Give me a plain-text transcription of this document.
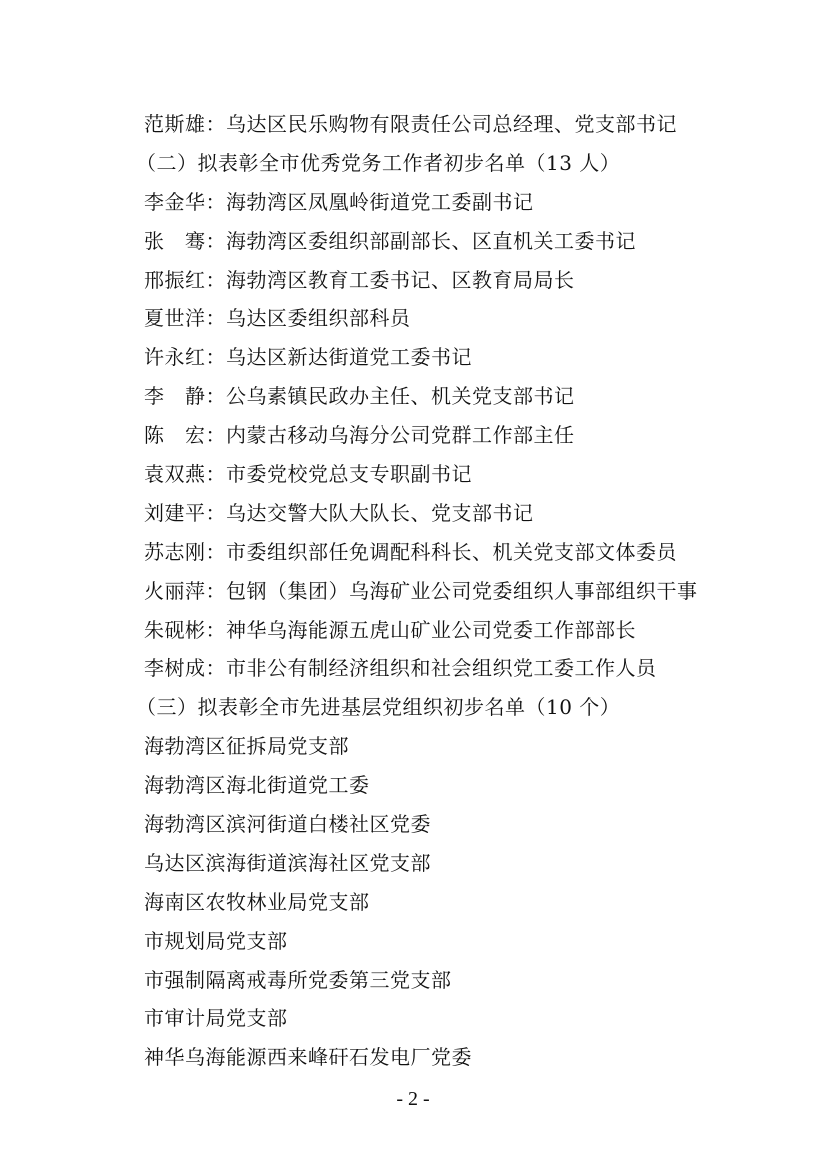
范斯雄：乌达区民乐购物有限责任公司总经理、党支部书记
（二）拟表彰全市优秀党务工作者初步名单（13 人）
李金华：海勃湾区凤凰岭街道党工委副书记
张　骞：海勃湾区委组织部副部长、区直机关工委书记
邢振红：海勃湾区教育工委书记、区教育局局长
夏世洋：乌达区委组织部科员
许永红：乌达区新达街道党工委书记
李　静：公乌素镇民政办主任、机关党支部书记
陈　宏：内蒙古移动乌海分公司党群工作部主任
袁双燕：市委党校党总支专职副书记
刘建平：乌达交警大队大队长、党支部书记
苏志刚：市委组织部任免调配科科长、机关党支部文体委员
火丽萍：包钢（集团）乌海矿业公司党委组织人事部组织干事
朱砚彬：神华乌海能源五虎山矿业公司党委工作部部长
李树成：市非公有制经济组织和社会组织党工委工作人员
（三）拟表彰全市先进基层党组织初步名单（10 个）
海勃湾区征拆局党支部
海勃湾区海北街道党工委
海勃湾区滨河街道白楼社区党委
乌达区滨海街道滨海社区党支部
海南区农牧林业局党支部
市规划局党支部
市强制隔离戒毒所党委第三党支部
市审计局党支部
神华乌海能源西来峰矸石发电厂党委
- 2 -
